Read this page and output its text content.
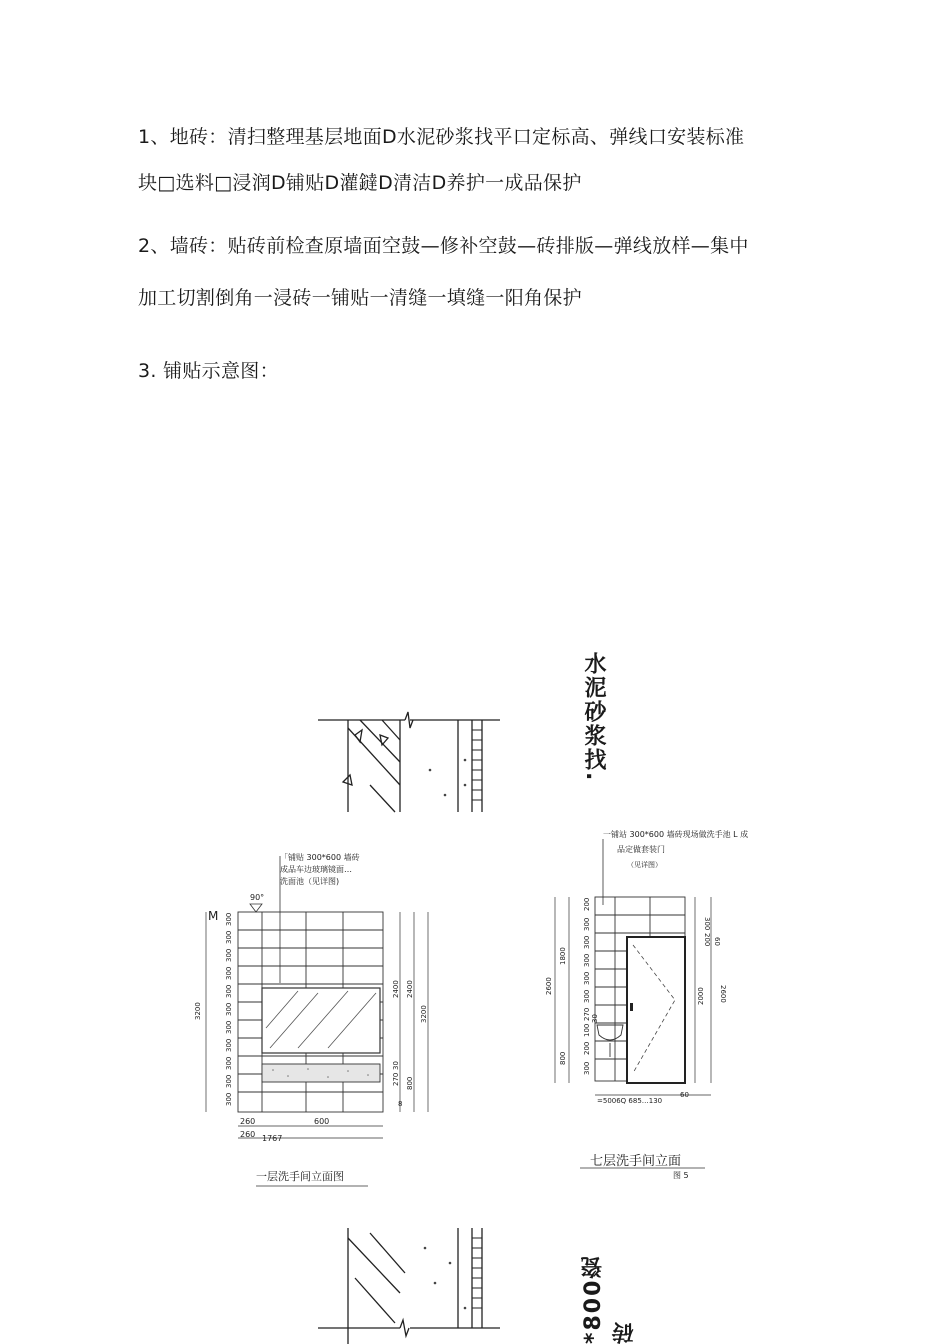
1、地砖：清扫整理基层地面D水泥砂浆找平口定标高、弹线口安装标准
块□选料□浸润D铺贴D灌鐽D清洁D养护一成品保护
2、墙砖：贴砖前检查原墙面空鼓—修补空鼓—砖排版—弹线放样—集中
加工切割倒角一浸砖一铺贴一清缝一填缝一阳角保护
3. 铺贴示意图：
水泥砂浆找.
「铺贴 300*600 墙砖
成品车边玻璃镜面…
洗面池（见详图)
90°
M 300
300
300
300
300
300
300
300
300
300
300
3200
2400 2400
3200
30
270 800
8
260	600
260 1767
一层洗手间立面图
一铺站 300*600 墙砖现场做洗手池 L 成
品定做套装门
（见详图）
200
300
300
300
300
300
270
100
200
300
2600
1800
800
30
300
200 60
2600
2000
=5006Q 685…130
60
七层洗手间立面
图 5
*800瓷砖
